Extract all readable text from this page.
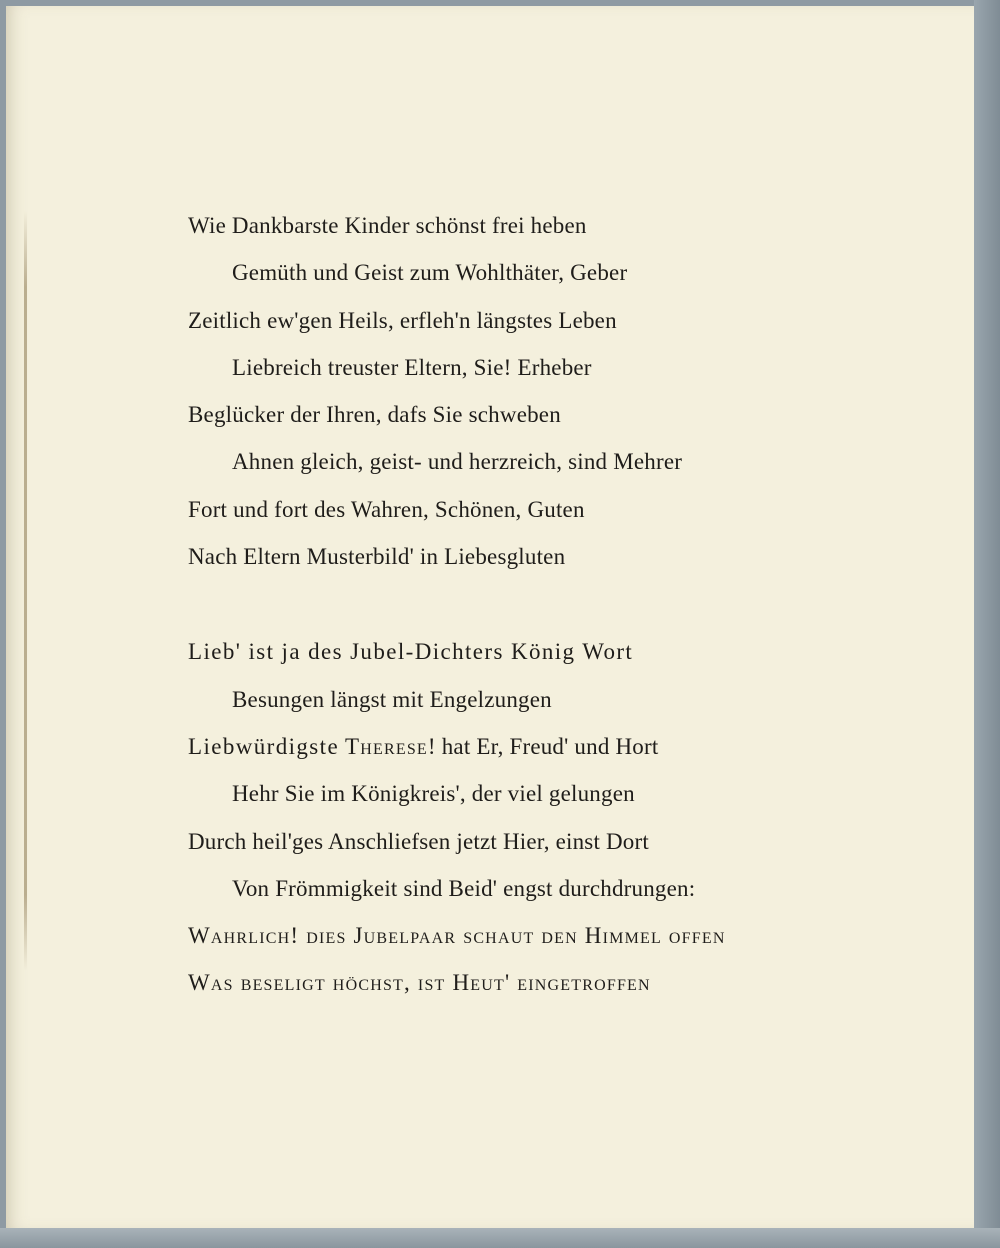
Wie Dankbarste Kinder schönst frei heben
Gemüth und Geist zum Wohlthäter, Geber
Zeitlich ew'gen Heils, erfleh'n längstes Leben
Liebreich treuster Eltern, Sie! Erheber
Beglücker der Ihren, dafs Sie schweben
Ahnen gleich, geist- und herzreich, sind Mehrer
Fort und fort des Wahren, Schönen, Guten
Nach Eltern Musterbild' in Liebesgluten
Lieb' ist ja des Jubel-Dichters König Wort
Besungen längst mit Engelzungen
Liebwürdigste Therese! hat Er, Freud' und Hort
Hehr Sie im Königkreis', der viel gelungen
Durch heil'ges Anschliefsen jetzt Hier, einst Dort
Von Frömmigkeit sind Beid' engst durchdrungen:
Wahrlich! dies Jubelpaar schaut den Himmel offen
Was beseligt höchst, ist Heut' eingetroffen
